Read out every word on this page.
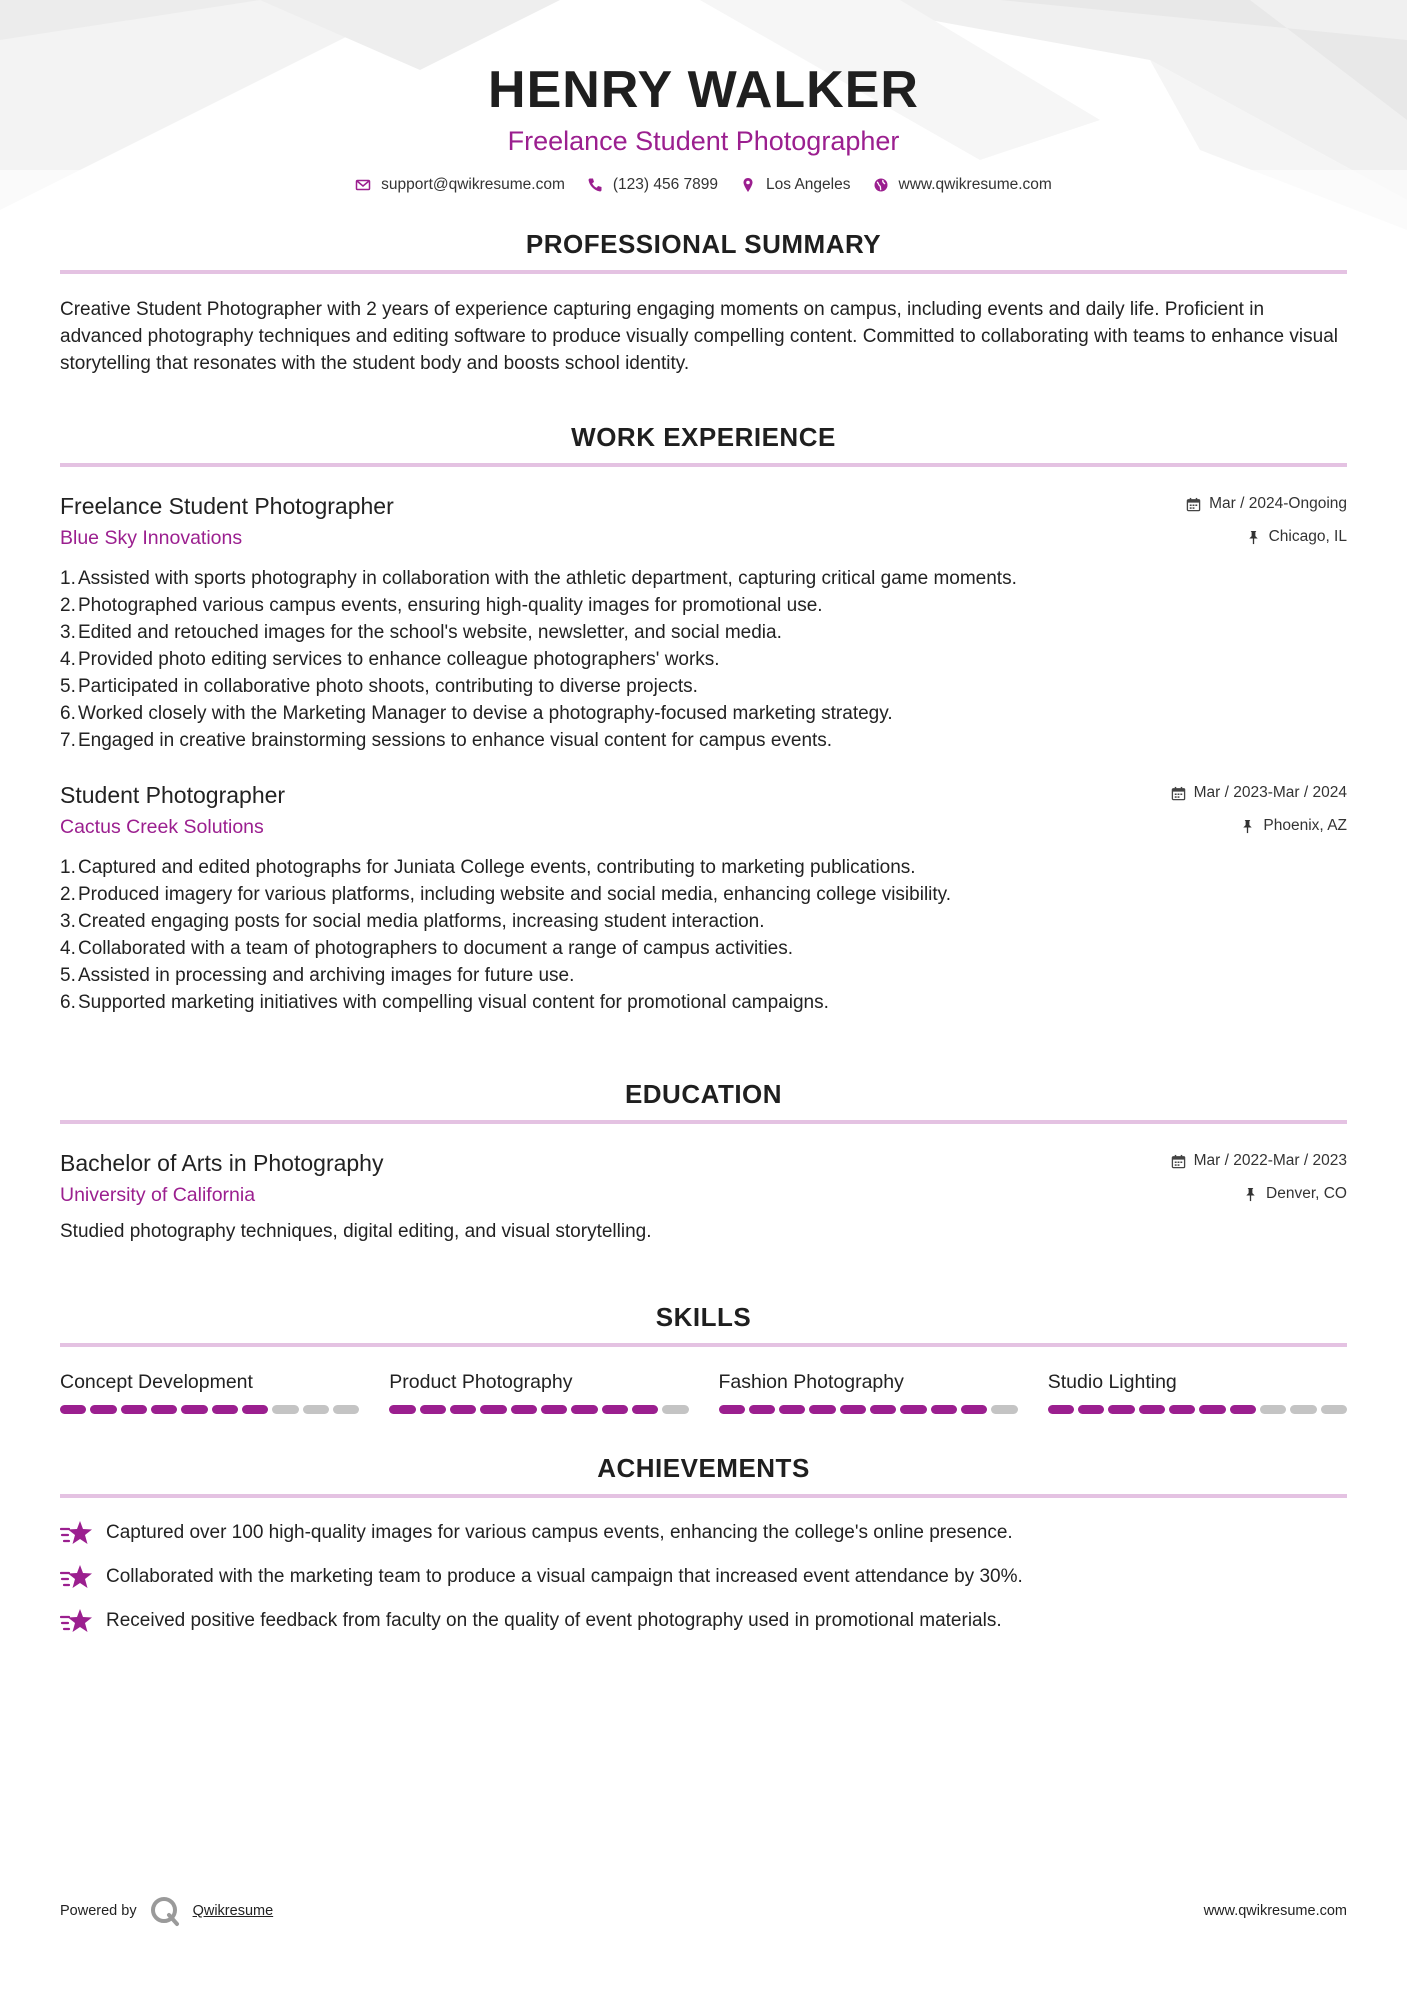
HENRY WALKER
Freelance Student Photographer
support@qwikresume.com	(123) 456 7899	Los Angeles	www.qwikresume.com
PROFESSIONAL SUMMARY

Creative Student Photographer with 2 years of experience capturing engaging moments on campus, including events and daily life. Proficient in advanced photography techniques and editing software to produce visually compelling content. Committed to collaborating with teams to enhance visual storytelling that resonates with the student body and boosts school identity.

WORK EXPERIENCE
Freelance Student Photographer
Blue Sky Innovations
Mar / 2024-Ongoing
Chicago, IL
1. Assisted with sports photography in collaboration with the athletic department, capturing critical game moments.
2. Photographed various campus events, ensuring high-quality images for promotional use.
3. Edited and retouched images for the school's website, newsletter, and social media.
4. Provided photo editing services to enhance colleague photographers' works.
5. Participated in collaborative photo shoots, contributing to diverse projects.
6. Worked closely with the Marketing Manager to devise a photography-focused marketing strategy.
7. Engaged in creative brainstorming sessions to enhance visual content for campus events.
Student Photographer
Cactus Creek Solutions
Mar / 2023-Mar / 2024
Phoenix, AZ
1. Captured and edited photographs for Juniata College events, contributing to marketing publications.
2. Produced imagery for various platforms, including website and social media, enhancing college visibility.
3. Created engaging posts for social media platforms, increasing student interaction.
4. Collaborated with a team of photographers to document a range of campus activities.
5. Assisted in processing and archiving images for future use.
6. Supported marketing initiatives with compelling visual content for promotional campaigns.
EDUCATION
Bachelor of Arts in Photography
University of California
Mar / 2022-Mar / 2023
Denver, CO

Studied photography techniques, digital editing, and visual storytelling.

SKILLS
Concept Development	Product Photography	Fashion Photography	Studio Lighting
ACHIEVEMENTS
Captured over 100 high-quality images for various campus events, enhancing the college's online presence.
Collaborated with the marketing team to produce a visual campaign that increased event attendance by 30%.
Received positive feedback from faculty on the quality of event photography used in promotional materials.
Powered by	Qwikresume	www.qwikresume.com
